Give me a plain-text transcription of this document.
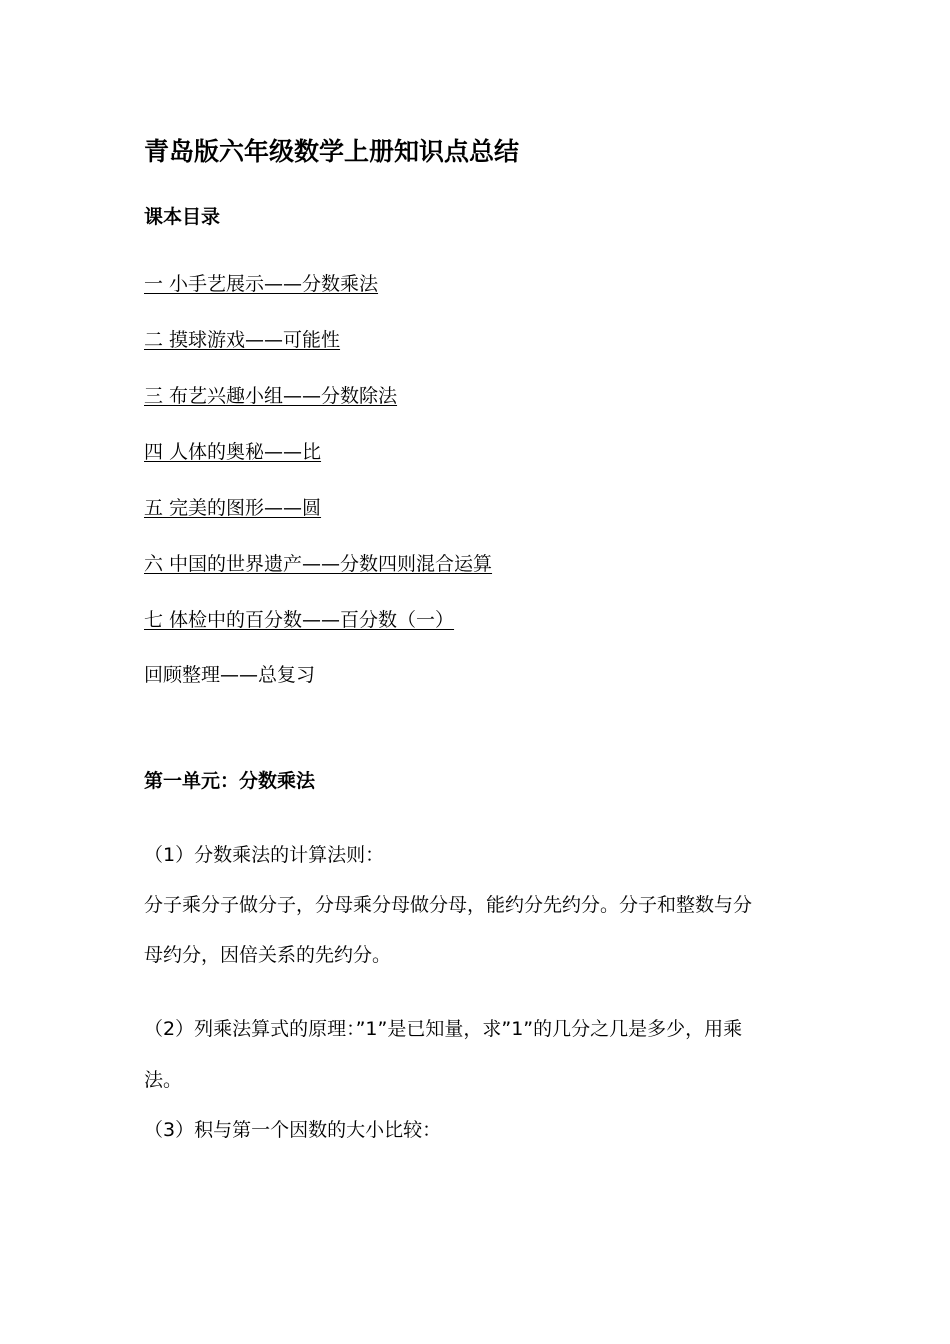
青岛版六年级数学上册知识点总结
课本目录
一 小手艺展示——分数乘法
二 摸球游戏——可能性
三 布艺兴趣小组——分数除法
四 人体的奥秘——比
五 完美的图形——圆
六 中国的世界遗产——分数四则混合运算
七 体检中的百分数——百分数（一）
回顾整理——总复习
第一单元：分数乘法
（1）分数乘法的计算法则：
分子乘分子做分子，分母乘分母做分母，能约分先约分。分子和整数与分
母约分，因倍关系的先约分。
（2）列乘法算式的原理：”1”是已知量，求”1”的几分之几是多少，用乘
法。
（3）积与第一个因数的大小比较：
